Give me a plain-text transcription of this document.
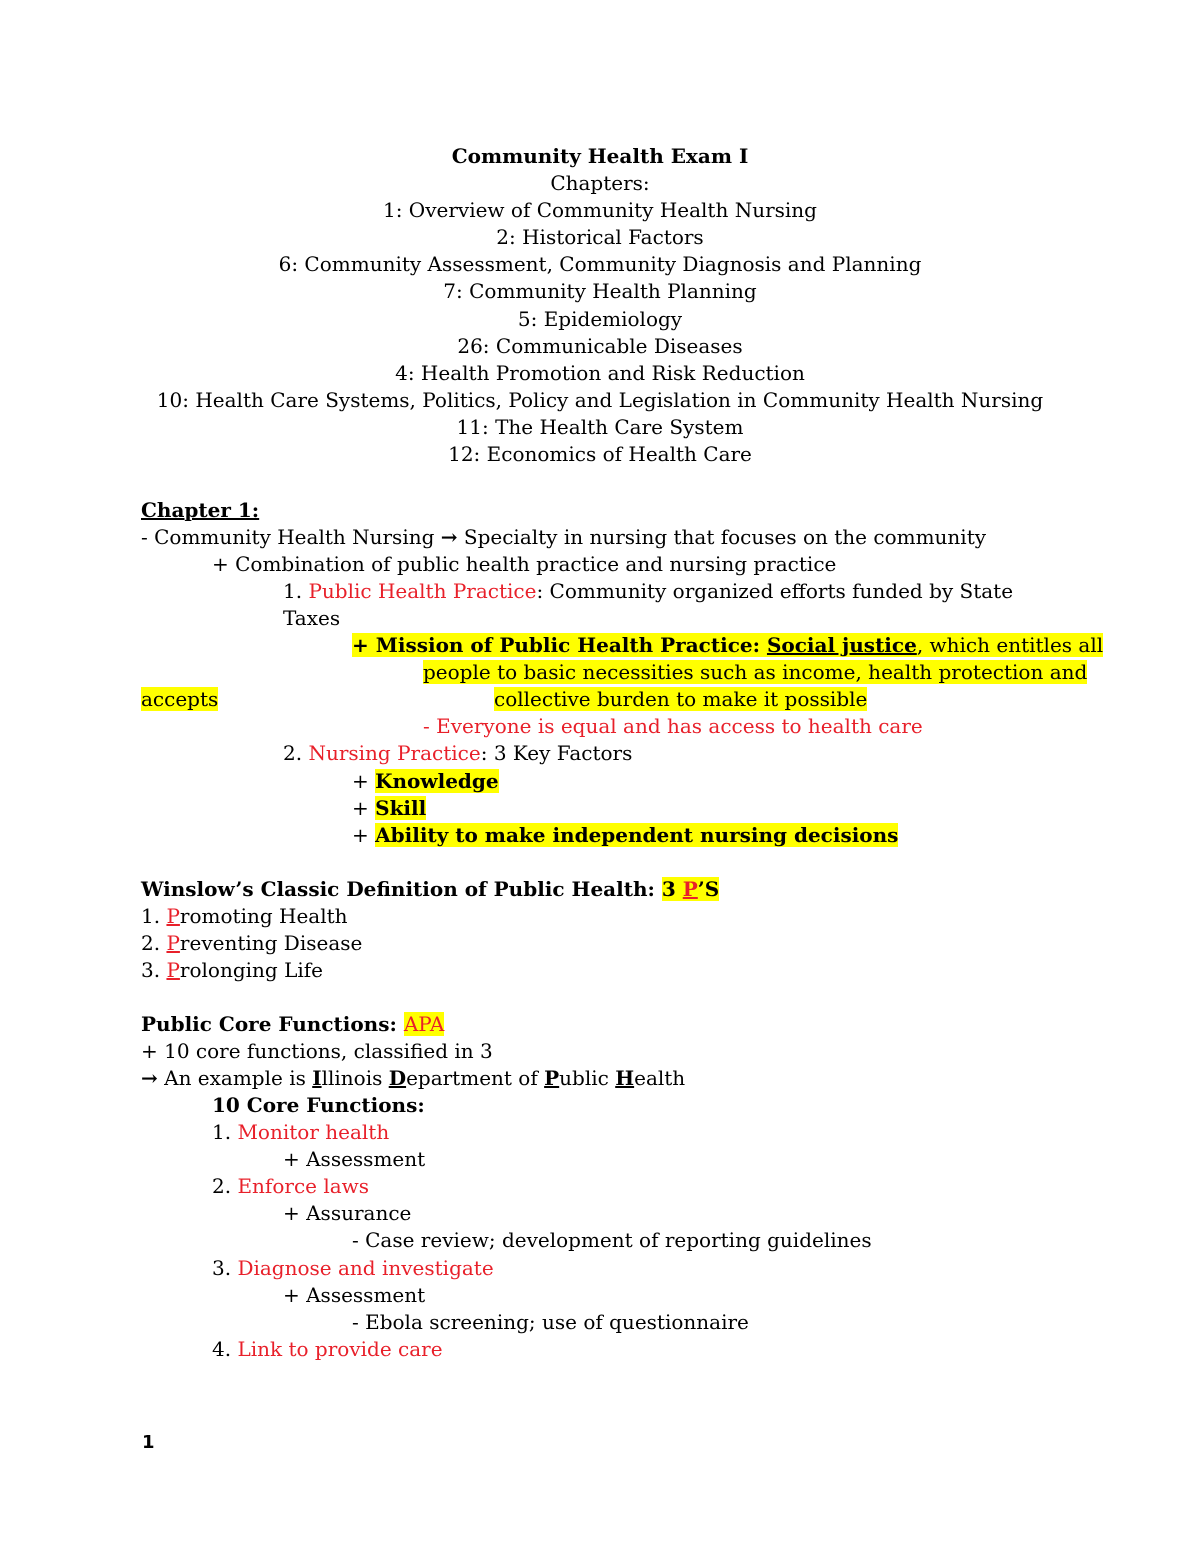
Community Health Exam I
Chapters:
1: Overview of Community Health Nursing
2: Historical Factors
6: Community Assessment, Community Diagnosis and Planning
7: Community Health Planning
5: Epidemiology
26: Communicable Diseases
4: Health Promotion and Risk Reduction
10: Health Care Systems, Politics, Policy and Legislation in Community Health Nursing
11: The Health Care System
12: Economics of Health Care
Chapter 1:
- Community Health Nursing → Specialty in nursing that focuses on the community
+ Combination of public health practice and nursing practice
1. Public Health Practice: Community organized efforts funded by State
Taxes
+ Mission of Public Health Practice: Social justice, which entitles all
people to basic necessities such as income, health protection and
accepts	collective burden to make it possible
- Everyone is equal and has access to health care
2. Nursing Practice: 3 Key Factors
+ Knowledge
+ Skill
+ Ability to make independent nursing decisions
Winslow’s Classic Definition of Public Health: 3 P’S
1. Promoting Health
2. Preventing Disease
3. Prolonging Life
Public Core Functions: APA
+ 10 core functions, classified in 3
→ An example is Illinois Department of Public Health
10 Core Functions:
1. Monitor health
+ Assessment
2. Enforce laws
+ Assurance
- Case review; development of reporting guidelines
3. Diagnose and investigate
+ Assessment
- Ebola screening; use of questionnaire
4. Link to provide care
1
